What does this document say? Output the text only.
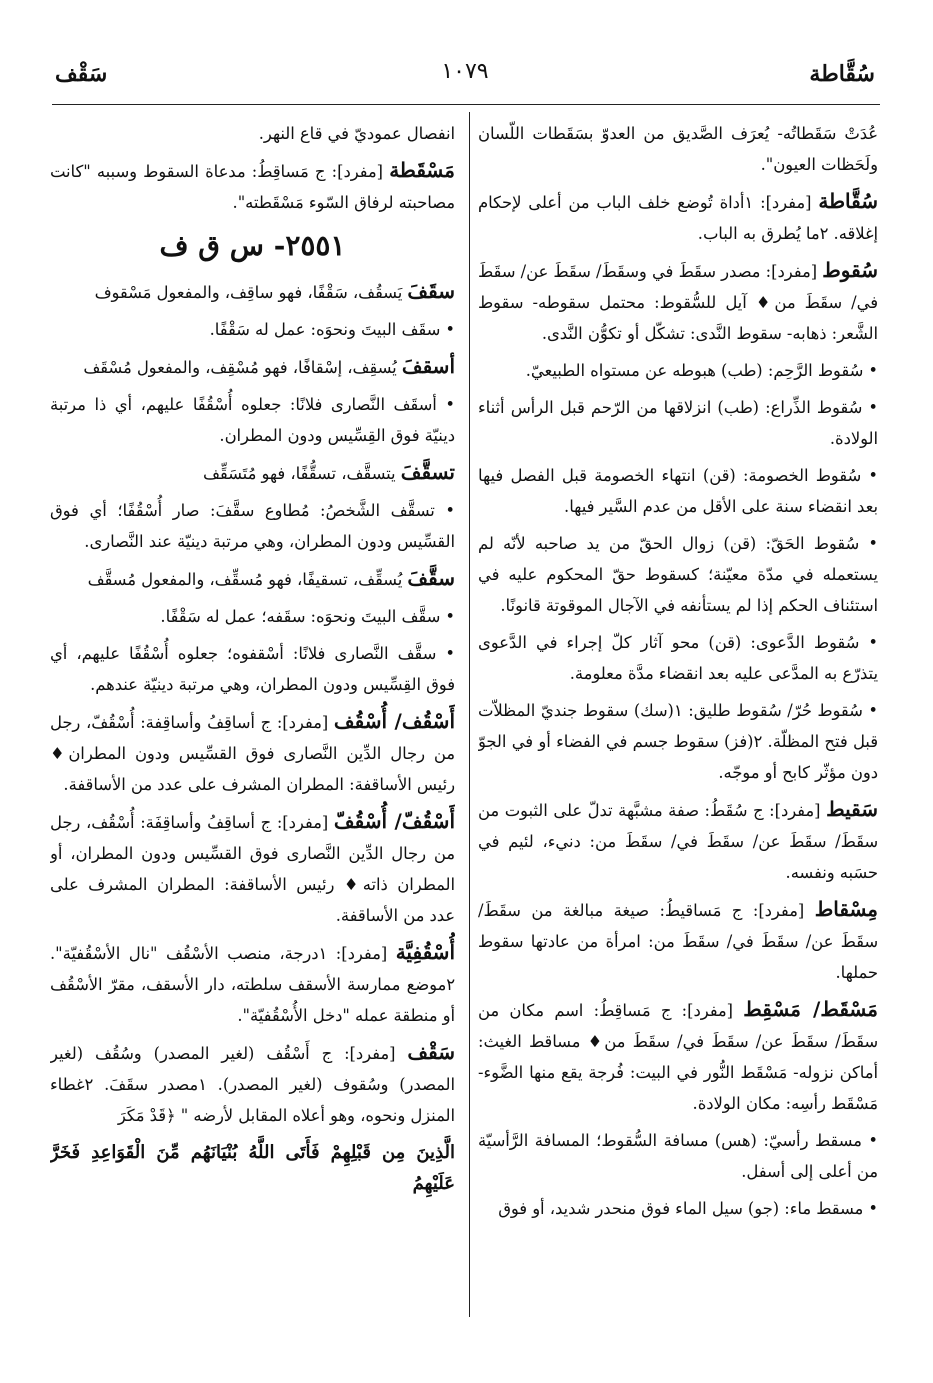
سُقَّاطة
١٠٧٩
سَقْف
عُدَتْ سَقَطاتُه- يُعرَف الصَّديق من العدوّ بسَقَطات اللّسان ولَحَظات العيون".
سُقَّاطة [مفرد]: ١أداة تُوضع خلف الباب من أعلى لإحكام إغلاقه. ٢ما يُطرق به الباب.
سُقوط [مفرد]: مصدر سقَطَ في وسقَطَ/ سقَطَ عن/ سقَطَ في/ سقَطَ من♦ آيل للسُّقوط: محتمل سقوطه- سقوط الشَّعر: ذهابه- سقوط النَّدى: تشكّل أو تكوُّن النَّدى.
• سُقوط الرَّحِم: (طب) هبوطه عن مستواه الطبيعيّ.
• سُقوط الذِّراع: (طب) انزلاقها من الرّحم قبل الرأس أثناء الولادة.
• سُقوط الخصومة: (قن) انتهاء الخصومة قبل الفصل فيها بعد انقضاء سنة على الأقل من عدم السَّير فيها.
• سُقوط الحَقّ: (قن) زوال الحقّ من يد صاحبه لأنّه لم يستعمله في مدّة معيّنة؛ كسقوط حقّ المحكوم عليه في استئناف الحكم إذا لم يستأنفه في الآجال الموقوتة قانونًا.
• سُقوط الدَّعوى: (قن) محو آثار كلّ إجراء في الدَّعوى يتذرّع به المدَّعى عليه بعد انقضاء مدَّة معلومة.
• سُقوط حُرّ/ سُقوط طليق: ١(سك) سقوط جنديّ المظلاّت قبل فتح المظلّة. ٢(فز) سقوط جسم في الفضاء أو في الجوّ دون مؤثّر كابح أو موجّه.
سَقيط [مفرد]: ج سُقَطُ: صفة مشبَّهة تدلّ على الثبوت من سقَطَ/ سقَطَ عن/ سقَطَ في/ سقَطَ من: دنيء، لئيم في حسَبه ونفسه.
مِسْقاط [مفرد]: ج مَساقيطُ: صيغة مبالغة من سقَطَ/ سقَطَ عن/ سقَطَ في/ سقَطَ من: امرأة من عادتها سقوط حملها.
مَسْقَط/ مَسْقِط [مفرد]: ج مَساقِطُ: اسم مكان من سقَطَ/ سقَطَ عن/ سقَطَ في/ سقَطَ من♦ مساقط الغيث: أماكن نزوله- مَسْقَط النُّور في البيت: فُرجة يقع منها الضَّوء- مَسْقَط رأسِه: مكان الولادة.
• مسقط رأسيّ: (هس) مسافة السُّقوط؛ المسافة الرَّأسيّة من أعلى إلى أسفل.
• مسقط ماء: (جو) سيل الماء فوق منحدر شديد، أو فوق
انفصال عموديّ في قاع النهر.
مَسْقَطة [مفرد]: ج مَساقِطُ: مدعاة السقوط وسببه "كانت مصاحبته لرفاق السّوء مَسْقَطته".
٢٥٥١- س ق ف
سقَفَ يَسقُف، سَقْفًا، فهو ساقِف، والمفعول مَسْقوف
• سقَف البيتَ ونحوَه: عمل له سَقْفًا.
أسقفَ يُسقِف، إسْقافًا، فهو مُسْقِف، والمفعول مُسْقَف
• أسقَف النَّصارى فلانًا: جعلوه أُسْقُفًا عليهم، أي ذا مرتبة دينيّة فوق القِسِّيس ودون المطران.
تسقَّفَ يتسقَّف، تسقُّفًا، فهو مُتَسَقِّف
• تسقَّف الشَّخصُ: مُطاوع سقَّفَ: صار أُسْقُفًا؛ أي فوق القسِّيس ودون المطران، وهي مرتبة دينيّة عند النَّصارى.
سقَّفَ يُسقِّف، تسقيفًا، فهو مُسقِّف، والمفعول مُسقَّف
• سقَّف البيتَ ونحوَه: سقَفه؛ عمل له سَقْفًا.
• سقَّف النَّصارى فلانًا: أسْقفوه؛ جعلوه أُسْقُفًا عليهم، أي فوق القِسِّيس ودون المطران، وهي مرتبة دينيّة عندهم.
أَسْقُف/ أُسْقُف [مفرد]: ج أساقِفُ وأساقِفة: أُسْقُفّ، رجل من رجال الدِّين النَّصارى فوق القسِّيس ودون المطران♦ رئيس الأساقفة: المطران المشرف على عدد من الأساقفة.
أَسْقُفّ/ أُسْقُفّ [مفرد]: ج أساقِفُ وأساقِفَة: أُسْقُف، رجل من رجال الدِّين النَّصارى فوق القسِّيس ودون المطران، أو المطران ذاته♦ رئيس الأساقفة: المطران المشرف على عدد من الأساقفة.
أُسْقُفِيَّة [مفرد]: ١درجة، منصب الأسْقُف "نال الأسْقُفيّة". ٢موضع ممارسة الأسقف سلطته، دار الأسقف، مقرّ الأسْقُف أو منطقة عمله "دخل الأُسْقُفيّة".
سَقْف [مفرد]: ج أَسْقُف (لغير المصدر) وسُقُف (لغير المصدر) وسُقوف (لغير المصدر). ١مصدر سقَفَ. ٢غطاء المنزل ونحوه، وهو أعلاه المقابل لأرضه " ﴿قَدْ مَكَرَ
الَّذِينَ مِن قَبْلِهِمْ فَأَتَى اللَّهُ بُنْيَانَهُم مِّنَ الْقَوَاعِدِ فَخَرَّ عَلَيْهِمُ
